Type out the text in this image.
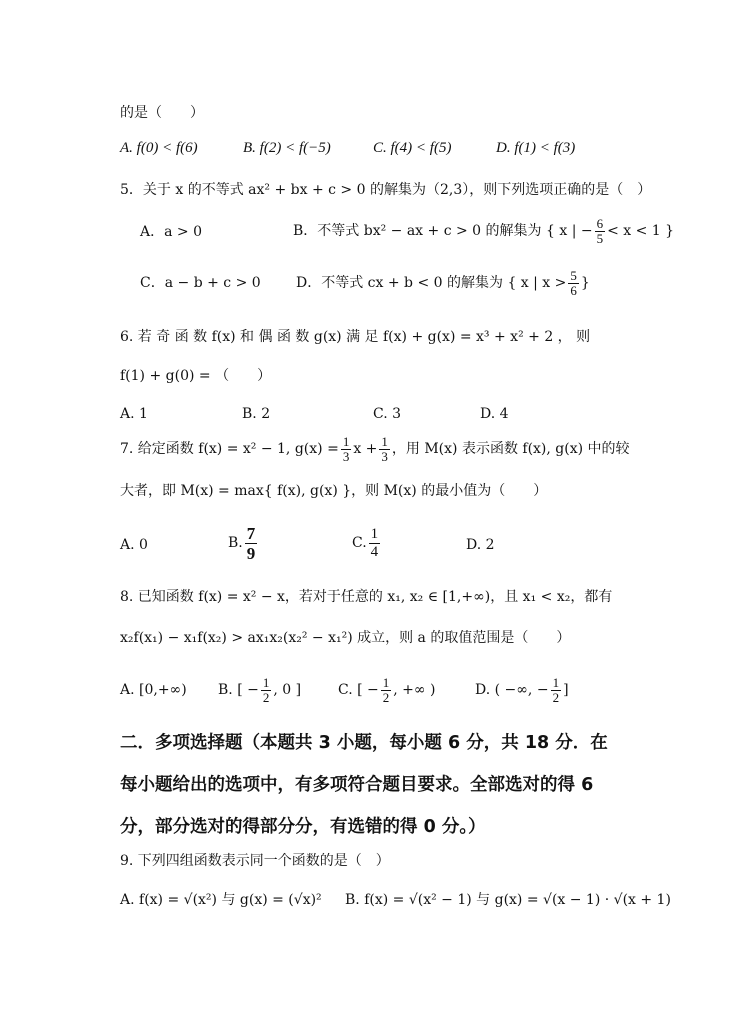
的是（　　）
A. f(0) < f(6)	B. f(2) < f(−5)	C. f(4) < f(5)	D. f(1) < f(3)
5．关于 x 的不等式 ax² + bx + c > 0 的解集为（2,3），则下列选项正确的是（　）
A．a > 0	B．不等式 bx² − ax + c > 0 的解集为 { x | − $\frac{6}{5} < x < 1$ }
C．a − b + c > 0	D．不等式 cx + b < 0 的解集为 { x | $x > \frac{5}{6}$ }
6. 若 奇 函 数 f(x) 和 偶 函 数 g(x) 满 足 f(x) + g(x) = x³ + x² + 2 ， 则
f(1) + g(0) = （　　）
A. 1	B. 2	C. 3	D. 4
7. 给定函数 f(x) = x² − 1, $g(x) = \frac{1}{3}$ $x + \frac{1}{3}$ ，用 M(x) 表示函数 f(x), g(x) 中的较
大者，即 M(x) = max{ f(x), g(x) }，则 M(x) 的最小值为（　　）
A. 0	B. $\frac{7}{9}$	C. $\frac{1}{4}$	D. 2
8. 已知函数 f(x) = x² − x，若对于任意的 x₁, x₂ ∈ [1,+∞)，且 x₁ < x₂，都有
x₂f(x₁) − x₁f(x₂) > ax₁x₂(x₂² − x₁²) 成立，则 a 的取值范围是（　　）
A. [0,+∞) B. [ − $\frac{1}{2}$ , 0 ]	C. [ − $\frac{1}{2}$ , +∞ )	D. ( −∞, − $\frac{1}{2}$ ]
二．多项选择题（本题共 3 小题，每小题 6 分，共 18 分．在
每小题给出的选项中，有多项符合题目要求。全部选对的得 6
分，部分选对的得部分分，有选错的得 0 分。）
9. 下列四组函数表示同一个函数的是（　）
A. f(x) = √(x²) 与 g(x) = (√x)² B. f(x) = √(x² − 1) 与 g(x) = √(x − 1) · √(x + 1)
